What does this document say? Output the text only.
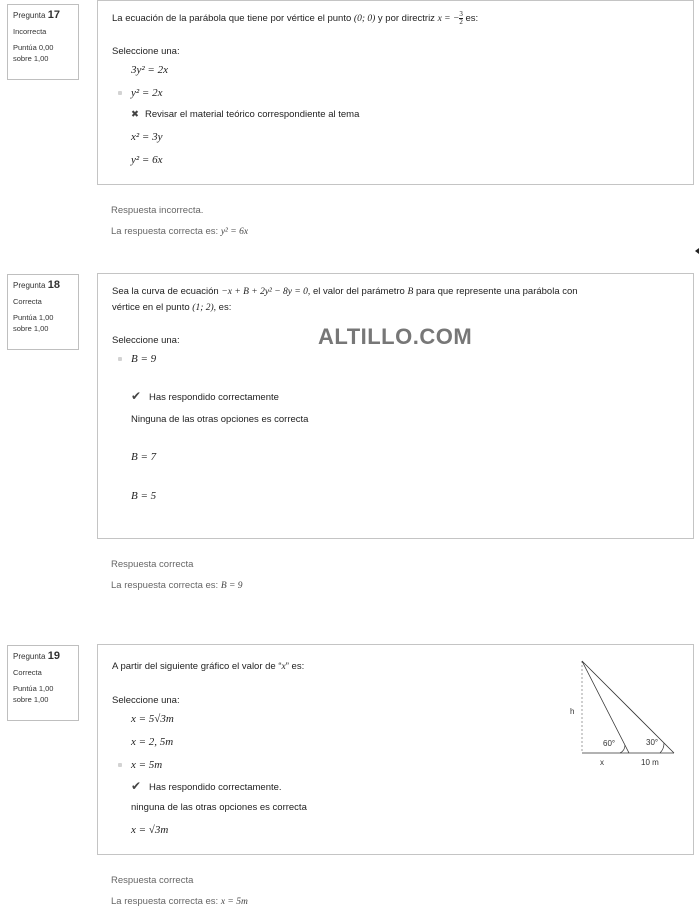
Pregunta 17
Incorrecta
Puntúa 0,00
sobre 1,00
La ecuación de la parábola que tiene por vértice el punto (0; 0) y por directriz x = − $\frac{3}{2}$ es:
Seleccione una:
3y² = 2x
y² = 2x
✖ Revisar el material teórico correspondiente al tema
x² = 3y
y² = 6x
Respuesta incorrecta.
La respuesta correcta es: y² = 6x
Pregunta 18
Correcta
Puntúa 1,00
sobre 1,00
Sea la curva de ecuación −x + B + 2y² − 8y = 0, el valor del parámetro B para que represente una parábola con
vértice en el punto (1; 2), es:
Seleccione una:
B = 9
✔ Has respondido correctamente
Ninguna de las otras opciones es correcta
B = 7
B = 5
ALTILLO.COM
Respuesta correcta
La respuesta correcta es: B = 9
Pregunta 19
Correcta
Puntúa 1,00
sobre 1,00
A partir del siguiente gráfico el valor de “x” es:
Seleccione una:
x = 5√3m
x = 2, 5m
x = 5m
✔ Has respondido correctamente.
ninguna de las otras opciones es correcta
x = √3m
h
60°	30°
x	10 m
Respuesta correcta
La respuesta correcta es: x = 5m
